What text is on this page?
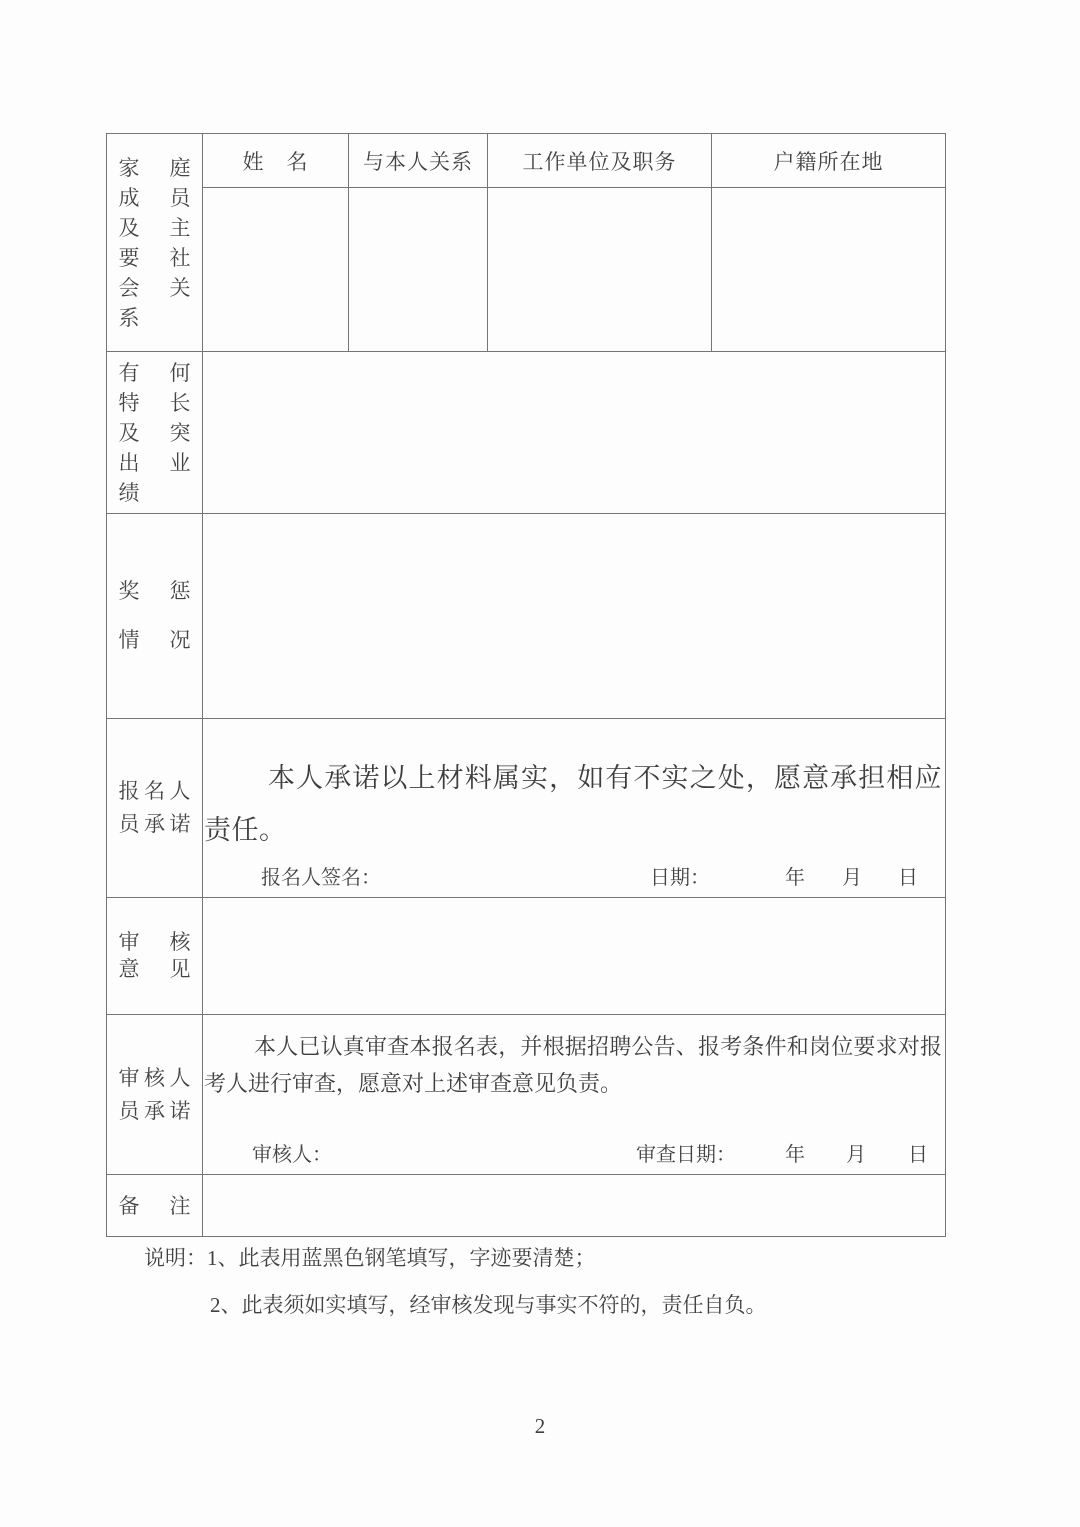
家 庭
成 员
及 主
要 社
会 关
系
	姓　名	与本人关系	工作单位及职务	户籍所在地

有 何
特 长
及 突
出 业
绩

奖 惩
情 况				

报 名 人
员 承 诺

本人承诺以上材料属实，如有不实之处，愿意承担相应责任。
报名人签名：	日期：	年 月 日

审 核
意 见				

审 核 人
员 承 诺

本人已认真审查本报名表，并根据招聘公告、报考条件和岗位要求对报考人进行审查，愿意对上述审查意见负责。
审核人：	审查日期： 年 月 日

备 注				

说明：1、此表用蓝黑色钢笔填写，字迹要清楚；
2、此表须如实填写，经审核发现与事实不符的，责任自负。
2
